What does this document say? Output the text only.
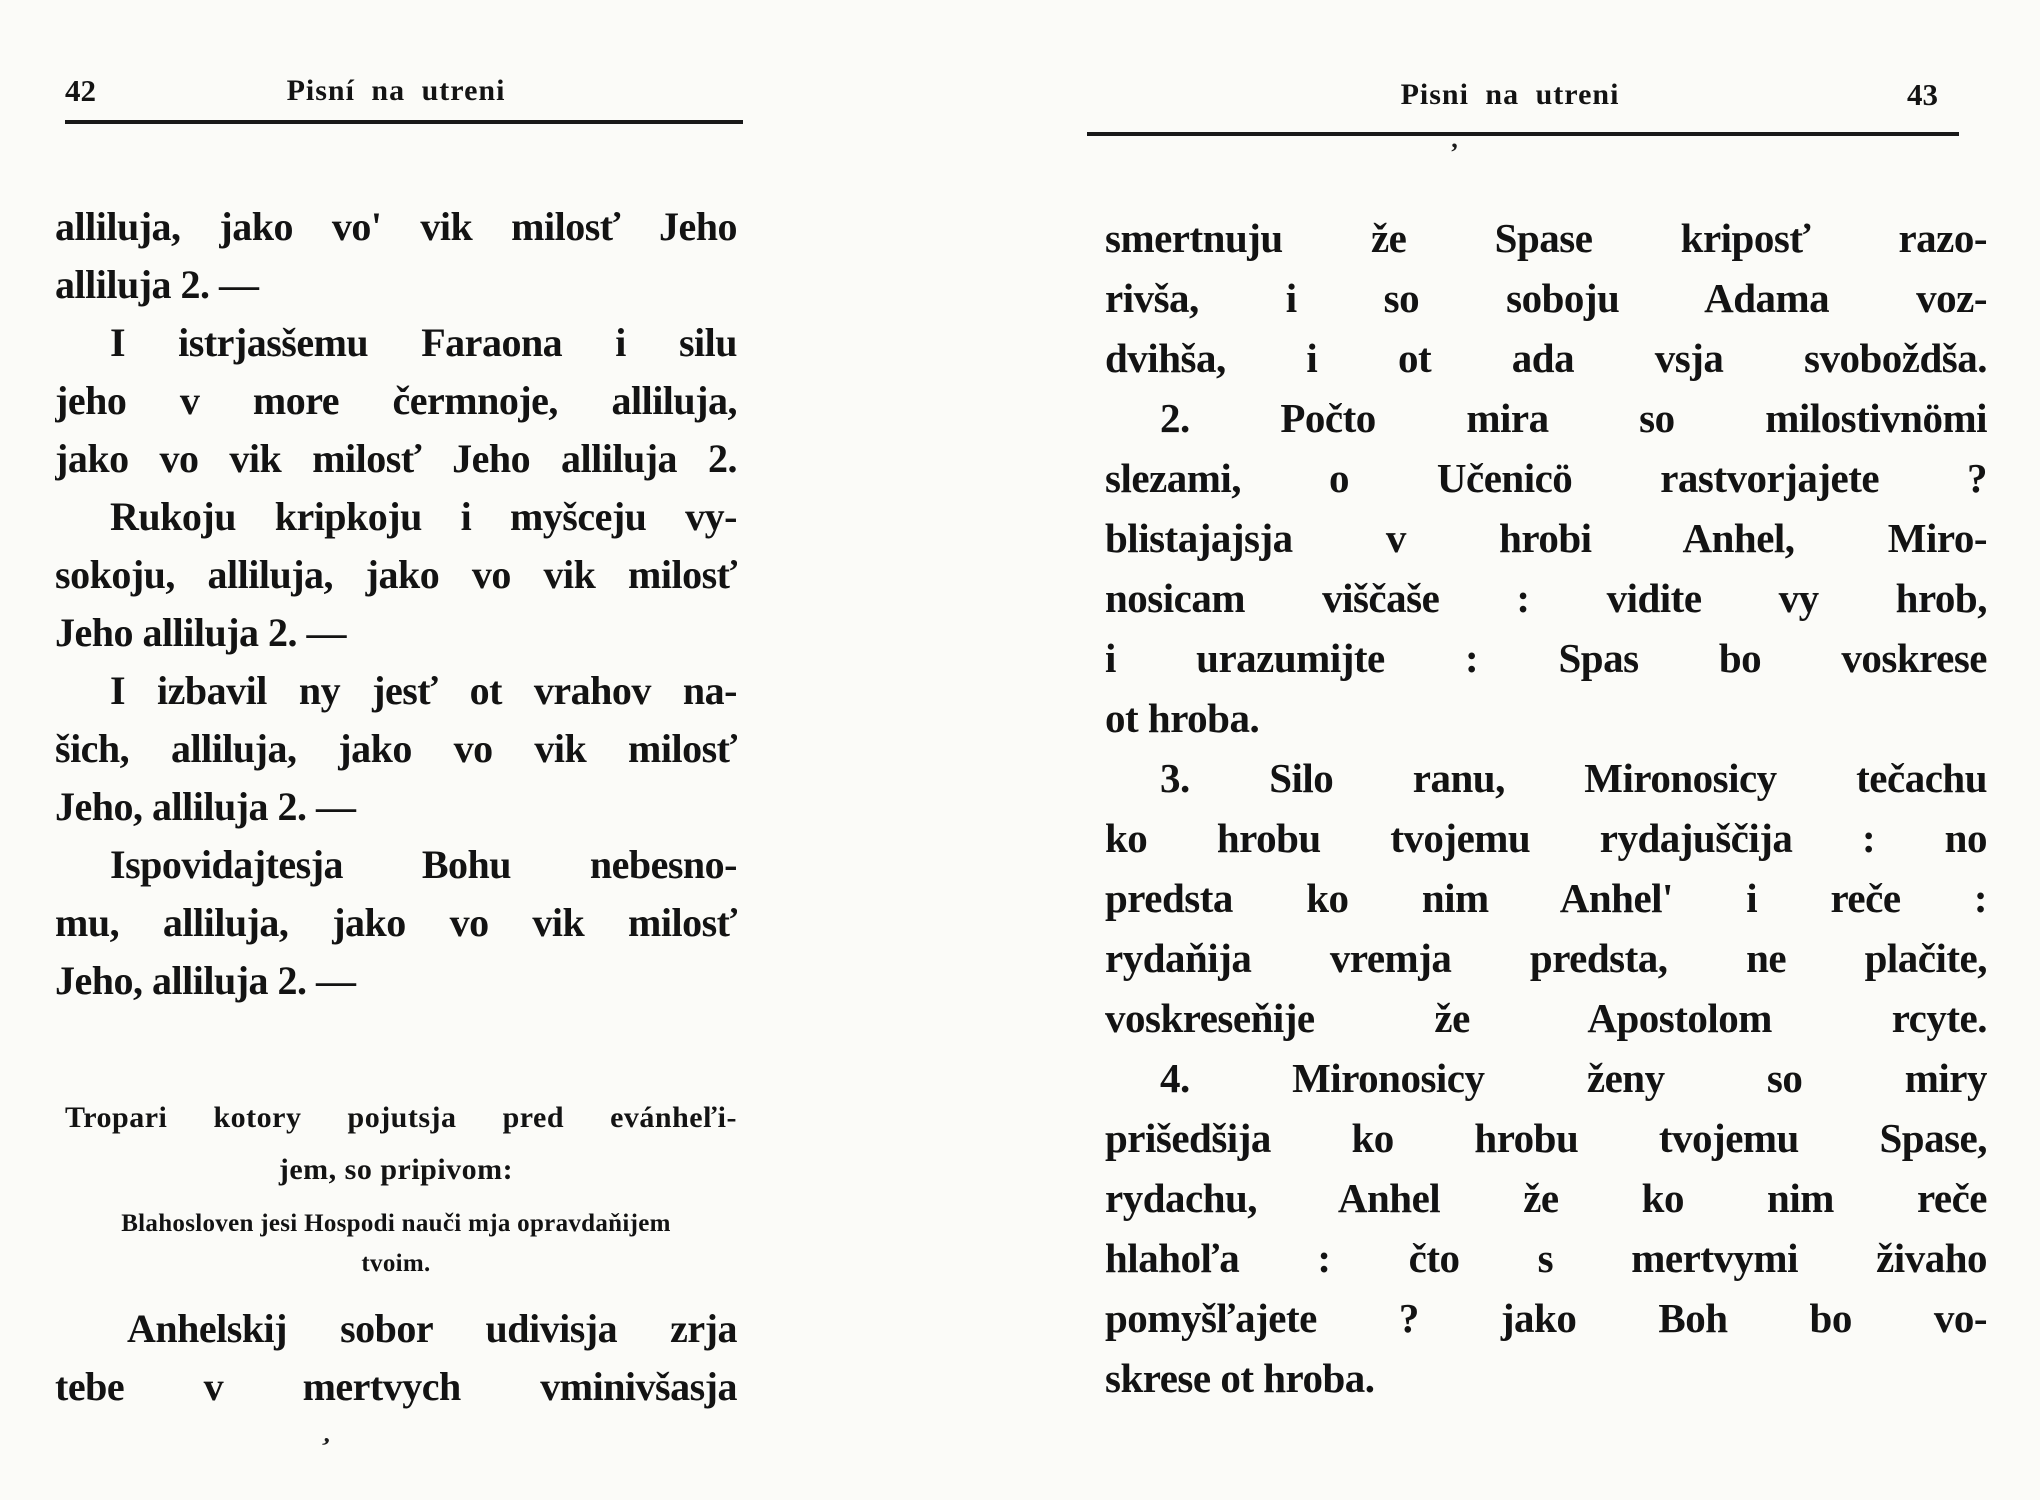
42	Pisní na utreni
alliluja, jako vo' vik milosť Jeho
alliluja 2. —
I istrjasšemu Faraona i silu
jeho v more čermnoje, alliluja,
jako vo vik milosť Jeho alliluja 2.
Rukoju kripkoju i myšceju vy-
sokoju, alliluja, jako vo vik milosť
Jeho alliluja 2. —
I izbavil ny jesť ot vrahov na-
šich, alliluja, jako vo vik milosť
Jeho, alliluja 2. —
Ispovidajtesja Bohu nebesno-
mu, alliluja, jako vo vik milosť
Jeho, alliluja 2. —
Tropari kotory pojutsja pred evánheľi-
jem, so pripivom:
Blahosloven jesi Hospodi nauči mja opravdaňijem
tvoim.
Anhelskij sobor udivisja zrja
tebe v mertvych vminivšasja
’
Pisni na utreni	43
’
smertnuju že Spase kriposť razo-
rivša, i so soboju Adama voz-
dvihša, i ot ada vsja svoboždša.
2. Počto mira so milostivnömi
slezami, o Učenicö rastvorjajete ?
blistajajsja v hrobi Anhel, Miro-
nosicam viščaše : vidite vy hrob,
i urazumijte : Spas bo voskrese
ot hroba.
3. Silo ranu, Mironosicy tečachu
ko hrobu tvojemu rydajuščija : no
predsta ko nim Anhel' i reče :
rydaňija vremja predsta, ne plačite,
voskreseňije že Apostolom rcyte.
4. Mironosicy ženy so miry
prišedšija ko hrobu tvojemu Spase,
rydachu, Anhel že ko nim reče
hlahoľa : čto s mertvymi živaho
pomyšľajete ? jako Boh bo vo-
skrese ot hroba.
